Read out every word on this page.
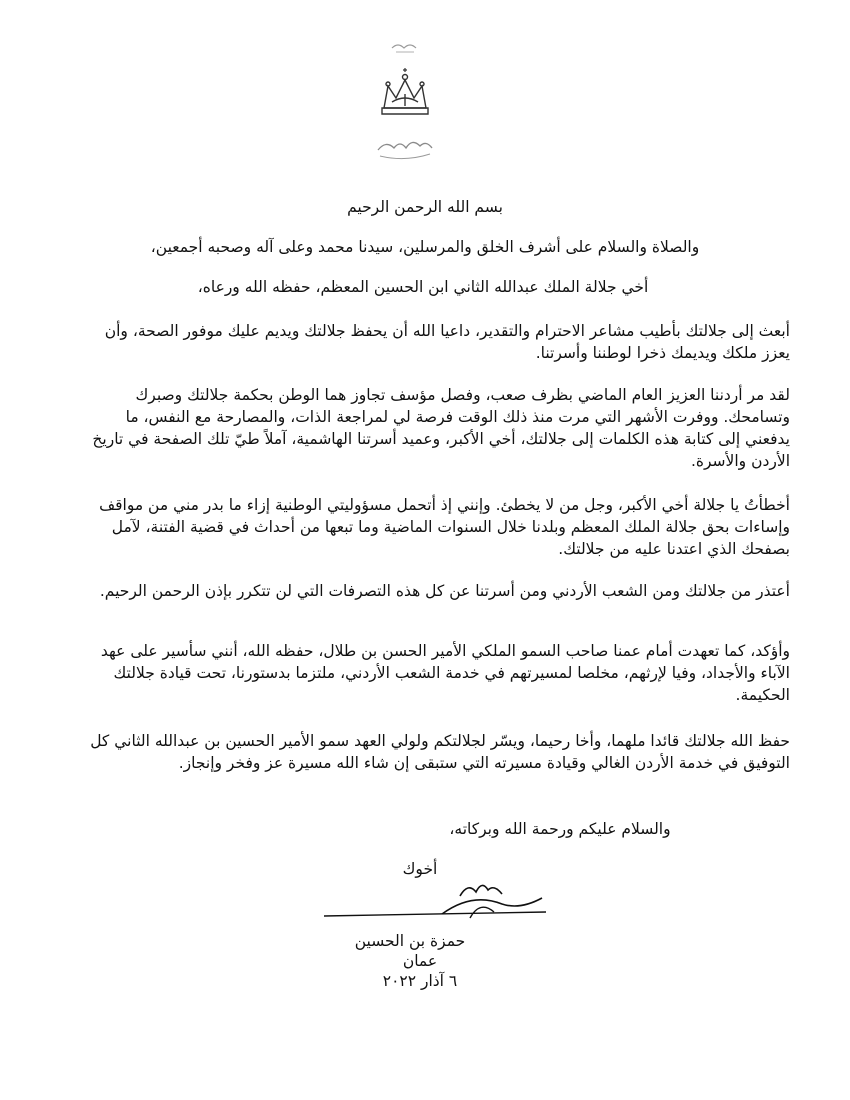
بسم الله الرحمن الرحيم
والصلاة والسلام على أشرف الخلق والمرسلين، سيدنا محمد وعلى آله وصحبه أجمعين،
أخي جلالة الملك عبدالله الثاني ابن الحسين المعظم، حفظه الله ورعاه،
أبعث إلى جلالتك بأطيب مشاعر الاحترام والتقدير، داعيا الله أن يحفظ جلالتك ويديم عليك موفور الصحة، وأن يعزز ملكك ويديمك ذخرا لوطننا وأسرتنا.
لقد مر أردننا العزيز العام الماضي بظرف صعب، وفصل مؤسف تجاوز هما الوطن بحكمة جلالتك وصبرك وتسامحك. ووفرت الأشهر التي مرت منذ ذلك الوقت فرصة لي لمراجعة الذات، والمصارحة مع النفس، ما يدفعني إلى كتابة هذه الكلمات إلى جلالتك، أخي الأكبر، وعميد أسرتنا الهاشمية، آملاً طيّ تلك الصفحة في تاريخ الأردن والأسرة.
أخطأتُ يا جلالة أخي الأكبر، وجل من لا يخطئ. وإنني إذ أتحمل مسؤوليتي الوطنية إزاء ما بدر مني من مواقف وإساءات بحق جلالة الملك المعظم وبلدنا خلال السنوات الماضية وما تبعها من أحداث في قضية الفتنة، لآمل بصفحك الذي اعتدنا عليه من جلالتك.
أعتذر من جلالتك ومن الشعب الأردني ومن أسرتنا عن كل هذه التصرفات التي لن تتكرر بإذن الرحمن الرحيم.
وأؤكد، كما تعهدت أمام عمنا صاحب السمو الملكي الأمير الحسن بن طلال، حفظه الله، أنني سأسير على عهد الآباء والأجداد، وفيا لإرثهم، مخلصا لمسيرتهم في خدمة الشعب الأردني، ملتزما بدستورنا، تحت قيادة جلالتك الحكيمة.
حفظ الله جلالتك قائدا ملهما، وأخا رحيما، ويسّر لجلالتكم ولولي العهد سمو الأمير الحسين بن عبدالله الثاني كل التوفيق في خدمة الأردن الغالي وقيادة مسيرته التي ستبقى إن شاء الله مسيرة عز وفخر وإنجاز.
والسلام عليكم ورحمة الله وبركاته،
أخوك
حمزة بن الحسين
عمان
٦ آذار ٢٠٢٢
